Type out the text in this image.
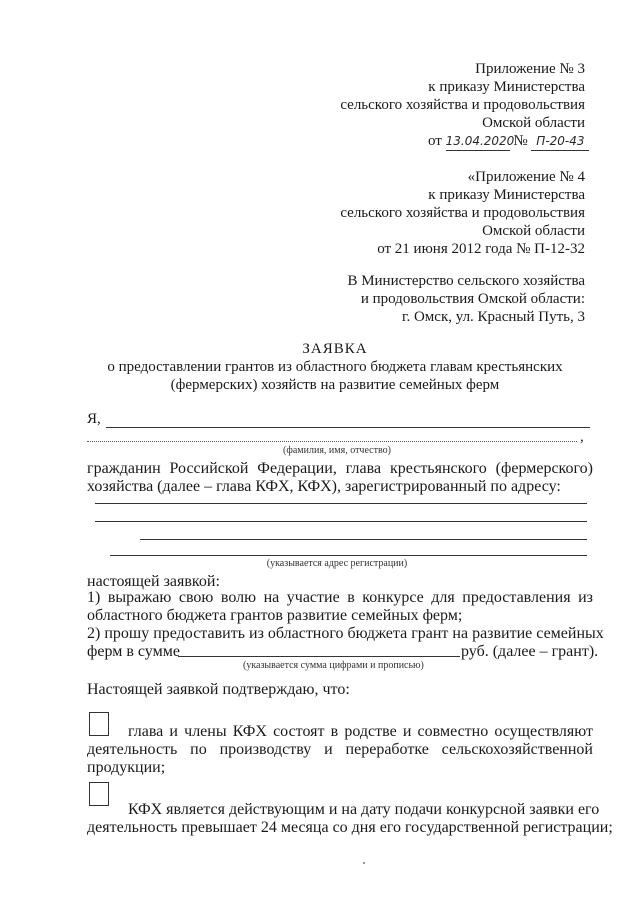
Приложение № 3
к приказу Министерства
сельского хозяйства и продовольствия
Омской области
от 13.04.2020 № П-20-43
«Приложение № 4
к приказу Министерства
сельского хозяйства и продовольствия
Омской области
от 21 июня 2012 года № П-12-32
В Министерство сельского хозяйства
и продовольствия Омской области:
г. Омск, ул. Красный Путь, 3
ЗАЯВКА
о предоставлении грантов из областного бюджета главам крестьянских
(фермерских) хозяйств на развитие семейных ферм
Я,
,
(фамилия, имя, отчество)
гражданин Российской Федерации, глава крестьянского (фермерского)
хозяйства (далее – глава КФХ, КФХ), зарегистрированный по адресу:
(указывается адрес регистрации)
настоящей заявкой:
1) выражаю свою волю на участие в конкурсе для предоставления из
областного бюджета грантов развитие семейных ферм;
2) прошу предоставить из областного бюджета грант на развитие семейных
ферм в сумме	руб. (далее – грант).
(указывается сумма цифрами и прописью)
Настоящей заявкой подтверждаю, что:
глава и члены КФХ состоят в родстве и совместно осуществляют
деятельность по производству и переработке сельскохозяйственной
продукции;
КФХ является действующим и на дату подачи конкурсной заявки его
деятельность превышает 24 месяца со дня его государственной регистрации;
